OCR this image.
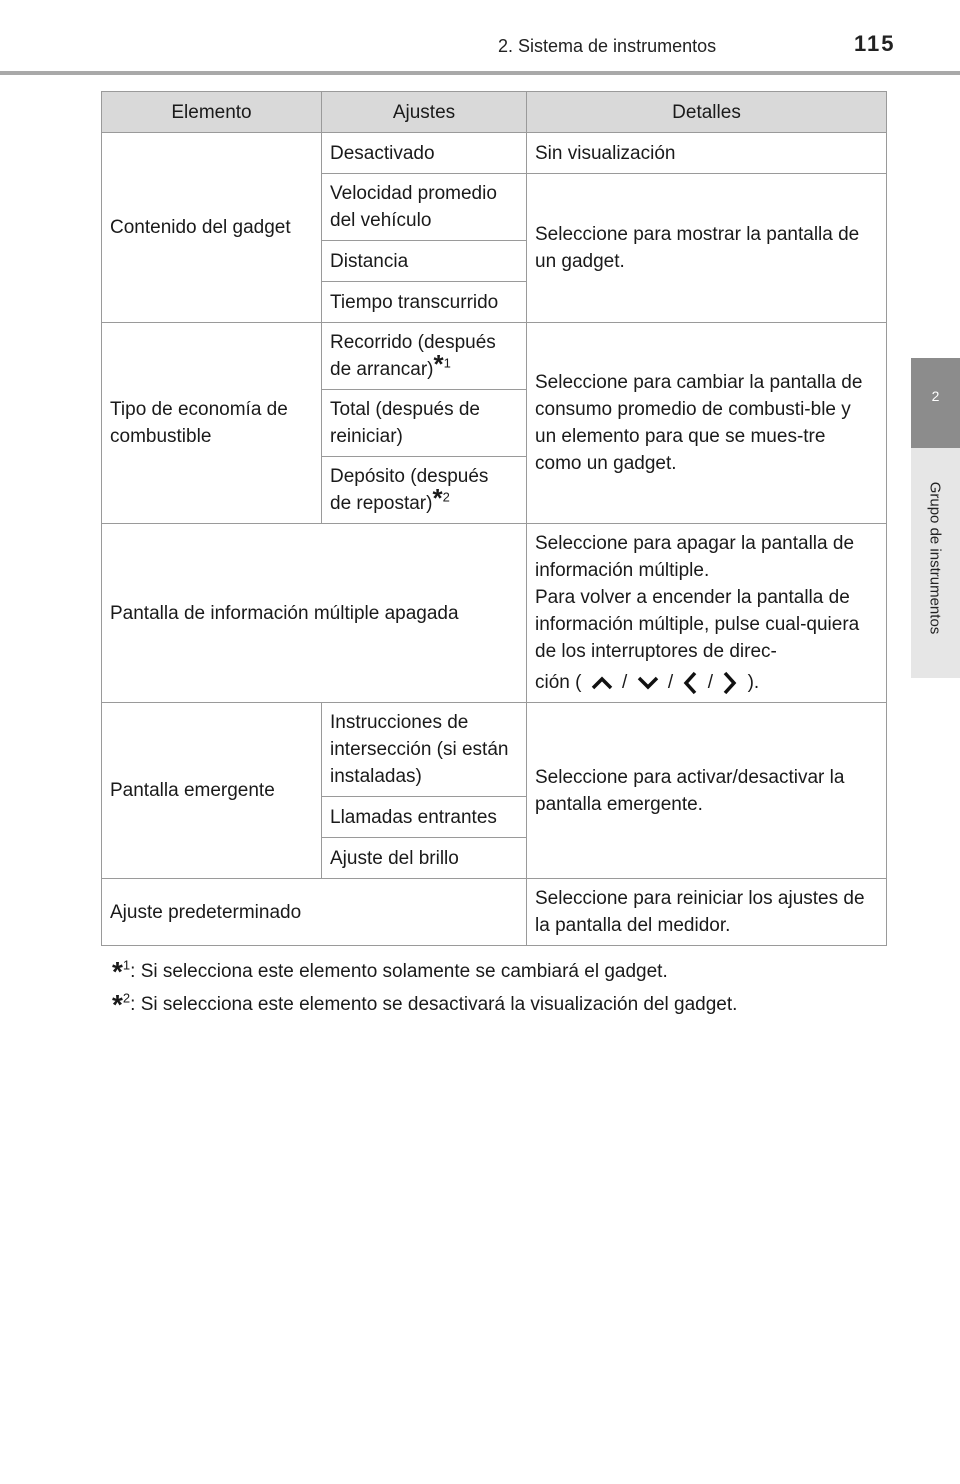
2. Sistema de instrumentos	115
2
Grupo de instrumentos
Elemento	Ajustes	Detalles
Contenido del gadget	Desactivado	Sin visualización
	Velocidad promedio del vehículo	Seleccione para mostrar la pantalla de un gadget.
	Distancia	
	Tiempo transcurrido	
Tipo de economía de combustible	Recorrido (después de arrancar)*$^1$	Seleccione para cambiar la pantalla de consumo promedio de combusti-ble y un elemento para que se mues-tre como un gadget.
	Total (después de reiniciar)	
	Depósito (después de repostar)*$^2$
Pantalla de información múltiple apagada		Seleccione para apagar la pantalla de información múltiple.
Para volver a encender la pantalla de información múltiple, pulse cual-quiera de los interruptores de direc-
ción ( / / / ).

Pantalla emergente	Instrucciones de intersección (si están instaladas)	Seleccione para activar/desactivar la pantalla emergente.
	Llamadas entrantes	
	Ajuste del brillo	
Ajuste predeterminado		Seleccione para reiniciar los ajustes de la pantalla del medidor.
*$^1$: Si selecciona este elemento solamente se cambiará el gadget.
*$^2$: Si selecciona este elemento se desactivará la visualización del gadget.
